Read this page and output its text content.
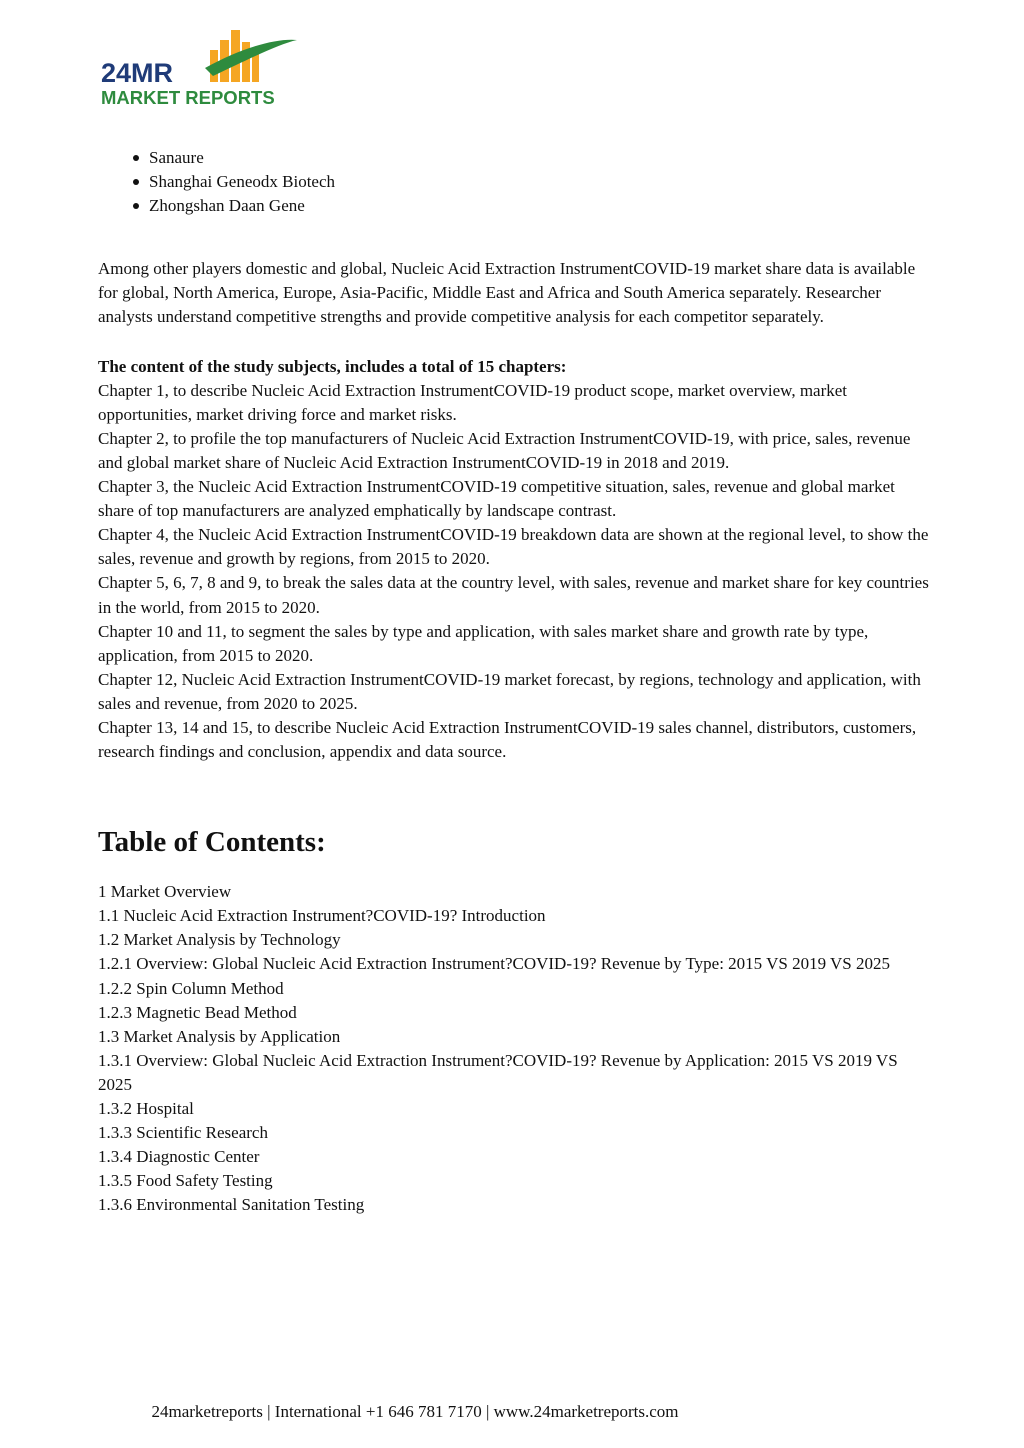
24MR
MARKET REPORTS
Sanaure
Shanghai Geneodx Biotech
Zhongshan Daan Gene

Among other players domestic and global, Nucleic Acid Extraction InstrumentCOVID-19 market share data is available for global, North America, Europe, Asia-Pacific, Middle East and Africa and South America separately. Researcher analysts understand competitive strengths and provide competitive analysis for each competitor separately.

The content of the study subjects, includes a total of 15 chapters:
Chapter 1, to describe Nucleic Acid Extraction InstrumentCOVID-19 product scope, market overview, market opportunities, market driving force and market risks.
Chapter 2, to profile the top manufacturers of Nucleic Acid Extraction InstrumentCOVID-19, with price, sales, revenue and global market share of Nucleic Acid Extraction InstrumentCOVID-19 in 2018 and 2019.
Chapter 3, the Nucleic Acid Extraction InstrumentCOVID-19 competitive situation, sales, revenue and global market share of top manufacturers are analyzed emphatically by landscape contrast.
Chapter 4, the Nucleic Acid Extraction InstrumentCOVID-19 breakdown data are shown at the regional level, to show the sales, revenue and growth by regions, from 2015 to 2020.
Chapter 5, 6, 7, 8 and 9, to break the sales data at the country level, with sales, revenue and market share for key countries in the world, from 2015 to 2020.
Chapter 10 and 11, to segment the sales by type and application, with sales market share and growth rate by type, application, from 2015 to 2020.
Chapter 12, Nucleic Acid Extraction InstrumentCOVID-19 market forecast, by regions, technology and application, with sales and revenue, from 2020 to 2025.
Chapter 13, 14 and 15, to describe Nucleic Acid Extraction InstrumentCOVID-19 sales channel, distributors, customers, research findings and conclusion, appendix and data source.
Table of Contents:
1 Market Overview
1.1 Nucleic Acid Extraction Instrument?COVID-19? Introduction
1.2 Market Analysis by Technology
1.2.1 Overview: Global Nucleic Acid Extraction Instrument?COVID-19? Revenue by Type: 2015 VS 2019 VS 2025
1.2.2 Spin Column Method
1.2.3 Magnetic Bead Method
1.3 Market Analysis by Application
1.3.1 Overview: Global Nucleic Acid Extraction Instrument?COVID-19? Revenue by Application: 2015 VS 2019 VS 2025
1.3.2 Hospital
1.3.3 Scientific Research
1.3.4 Diagnostic Center
1.3.5 Food Safety Testing
1.3.6 Environmental Sanitation Testing
24marketreports | International +1 646 781 7170 | www.24marketreports.com
